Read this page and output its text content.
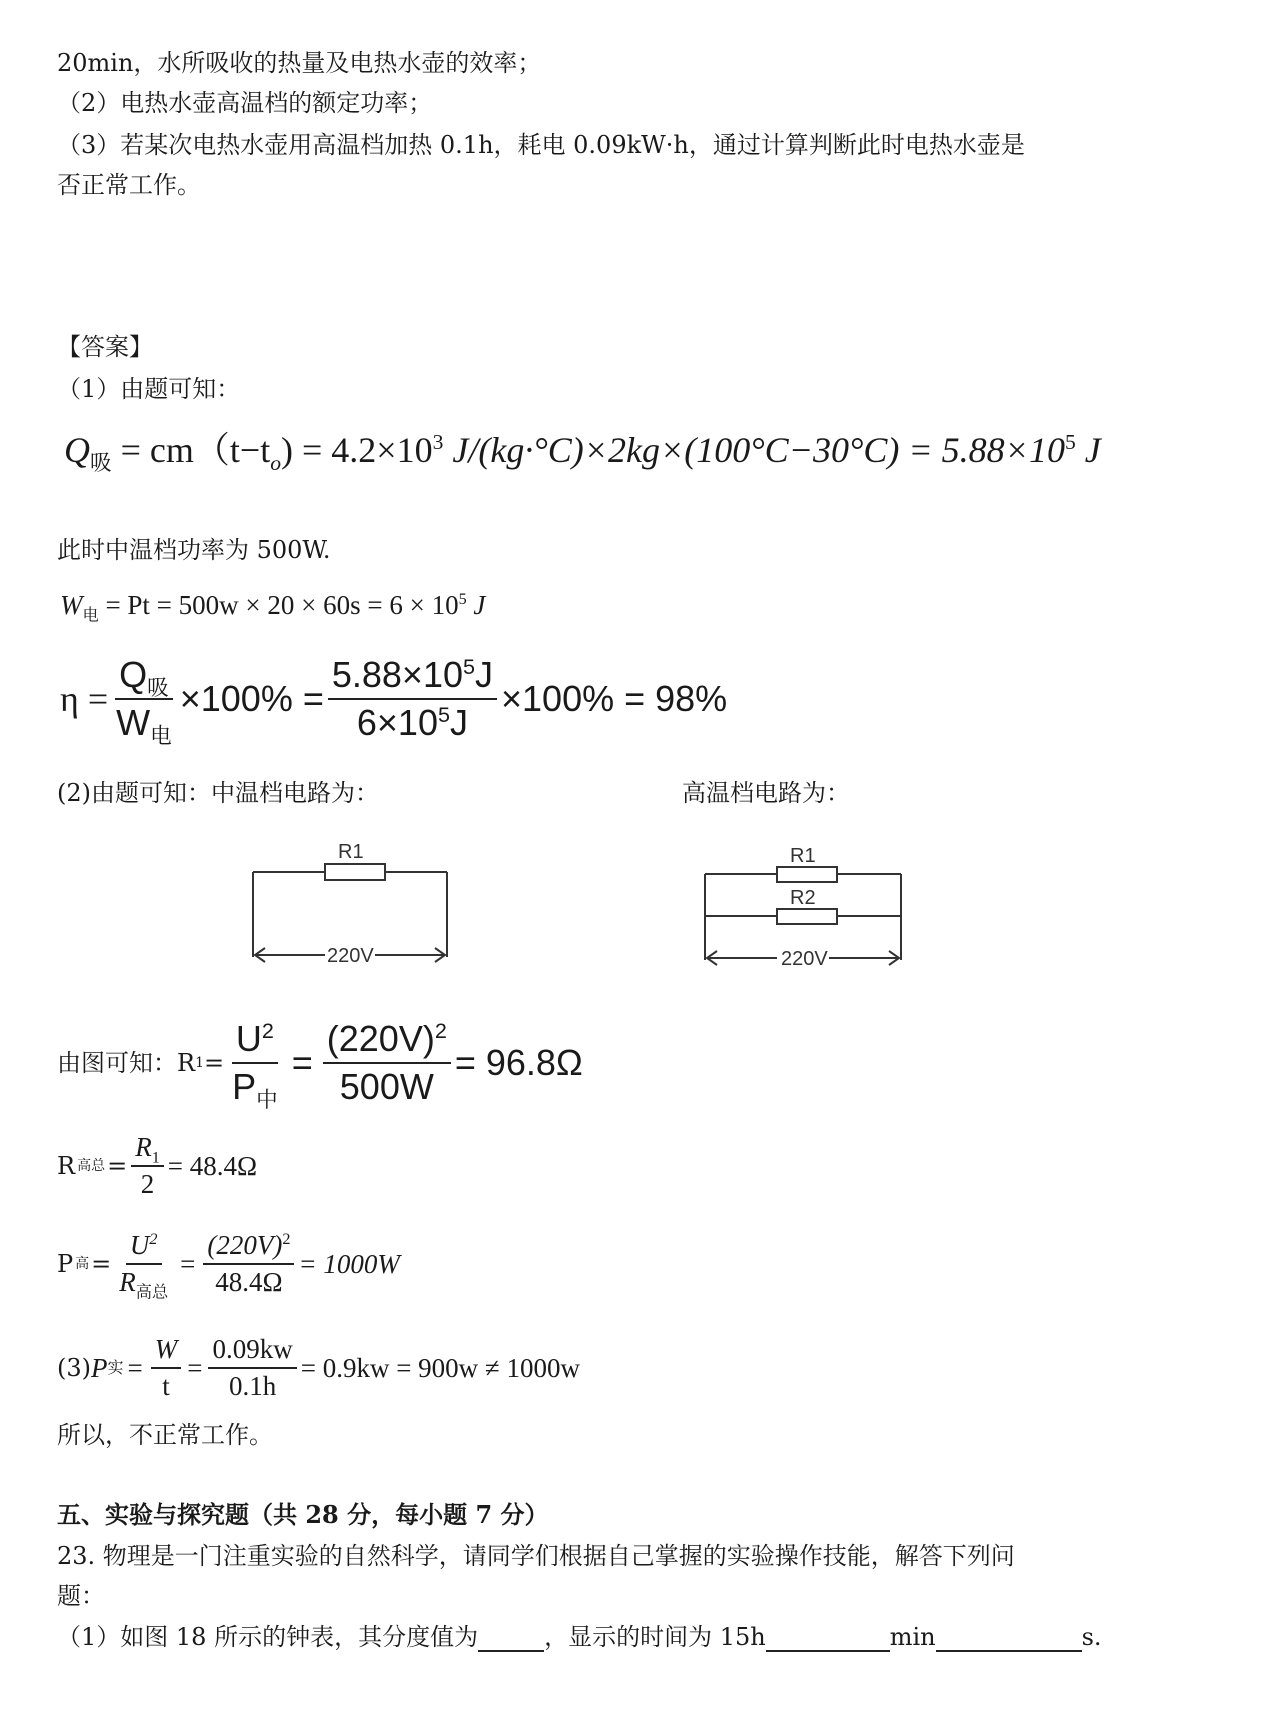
20min，水所吸收的热量及电热水壶的效率；
（2）电热水壶高温档的额定功率；
（3）若某次电热水壶用高温档加热 0.1h，耗电 0.09kW·h，通过计算判断此时电热水壶是
否正常工作。
【答案】
（1）由题可知：
$Q_吸 = cm(t-t_o) = 4.2\times 10^3$ $J/(kg\cdot^\circ C)\times 2kg\times(100^\circ C-30^\circ C) = 5.88\times 10^5$ J
此时中温档功率为 500W.
$W_电 = Pt = 500w \times 20 \times 60s = 6 \times 10^5$ J
$\eta = \frac{Q_吸}{W_电} \times 100\% = \frac{5.88\times 10^5J}{6\times 10^5J} \times 100\% = 98\%$
(2)由题可知：中温档电路为：	高温档电路为：
R1
220V
R1
R2
220V
由图可知：R $1 = \frac{U^2}{P_中} = \frac{(220V)^2}{500W} = 96.8\Omega$
R 高总 = $\frac{R_1}{2} = 48.4\Omega$
P 高 = $\frac{U^2}{R_{高总}} = \frac{(220V)^2}{48.4\Omega} = 1000W$
(3) P 实 = $\frac{W}{t} = \frac{0.09kw}{0.1h} = 0.9kw = 900w \ne 1000w$
所以，不正常工作。
五、实验与探究题（共 28 分，每小题 7 分）
23. 物理是一门注重实验的自然科学，请同学们根据自己掌握的实验操作技能，解答下列问
题：
（1）如图 18 所示的钟表，其分度值为	，显示的时间为 15h	min	s.
